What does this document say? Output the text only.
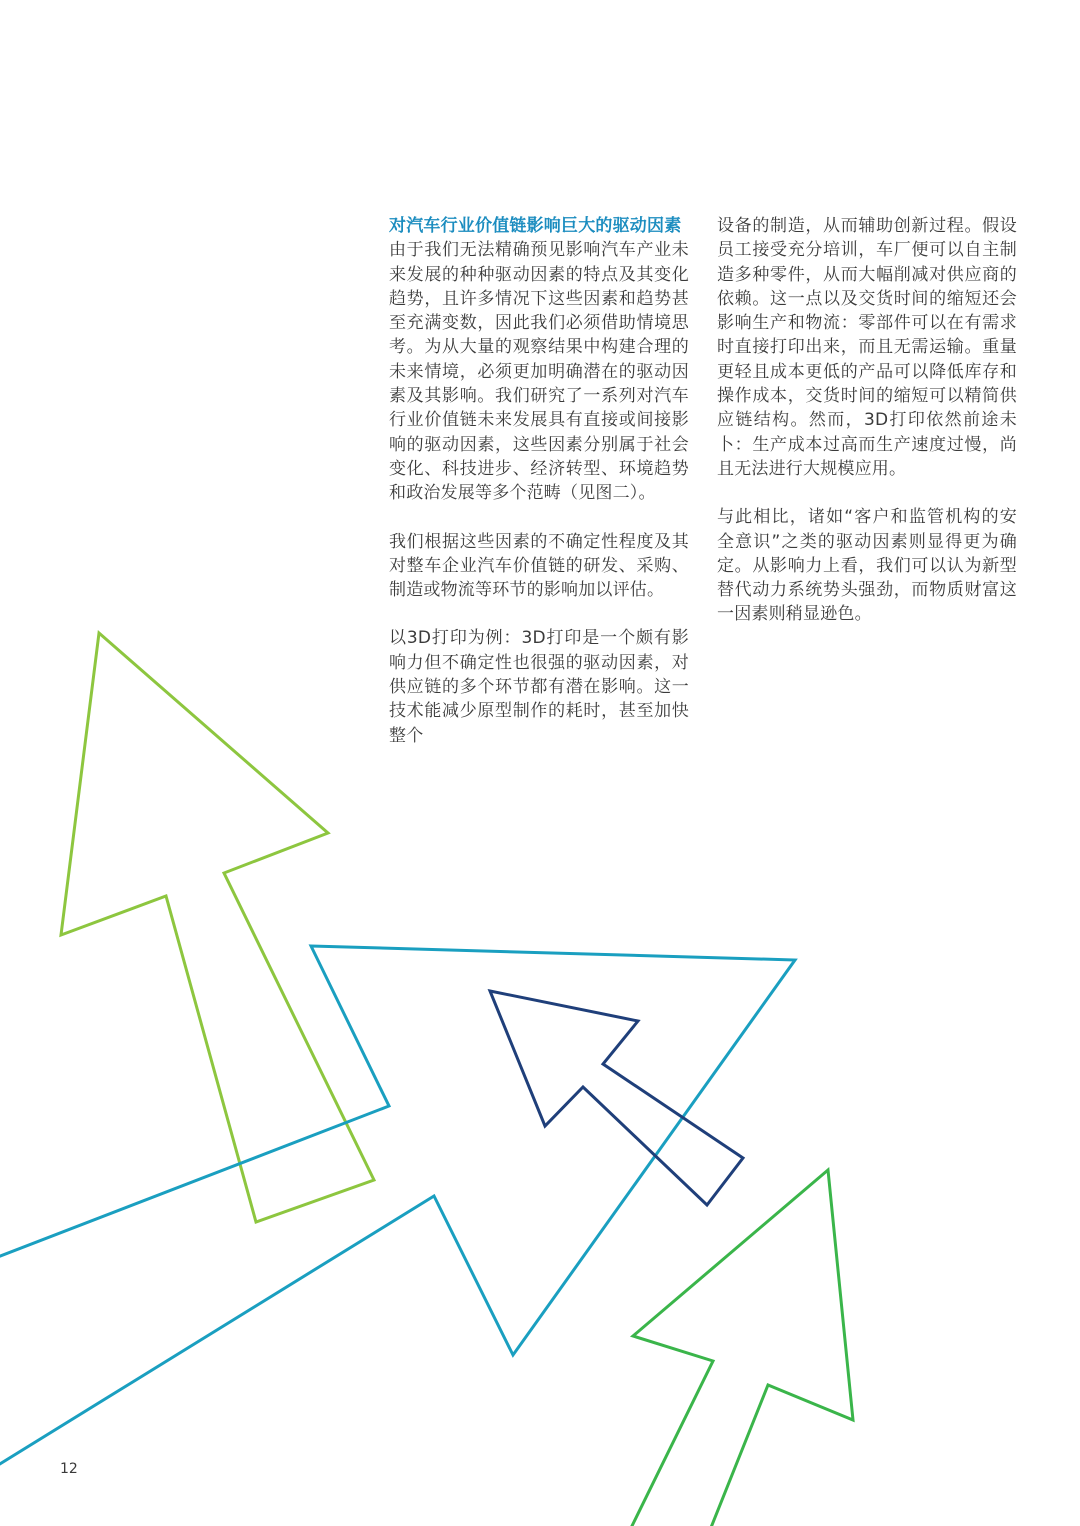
对汽车行业价值链影响巨大的驱动因素

由于我们无法精确预见影响汽车产业未来发展的种种驱动因素的特点及其变化趋势，且许多情况下这些因素和趋势甚至充满变数，因此我们必须借助情境思考。为从大量的观察结果中构建合理的未来情境，必须更加明确潜在的驱动因素及其影响。我们研究了一系列对汽车行业价值链未来发展具有直接或间接影响的驱动因素，这些因素分别属于社会变化、科技进步、经济转型、环境趋势和政治发展等多个范畴（见图二）。

我们根据这些因素的不确定性程度及其对整车企业汽车价值链的研发、采购、制造或物流等环节的影响加以评估。

以3D打印为例：3D打印是一个颇有影响力但不确定性也很强的驱动因素，对供应链的多个环节都有潜在影响。这一技术能减少原型制作的耗时，甚至加快整个

设备的制造，从而辅助创新过程。假设员工接受充分培训，车厂便可以自主制造多种零件，从而大幅削减对供应商的依赖。这一点以及交货时间的缩短还会影响生产和物流：零部件可以在有需求时直接打印出来，而且无需运输。重量更轻且成本更低的产品可以降低库存和操作成本，交货时间的缩短可以精简供应链结构。然而，3D打印依然前途未卜：生产成本过高而生产速度过慢，尚且无法进行大规模应用。

与此相比，诸如“客户和监管机构的安全意识”之类的驱动因素则显得更为确定。从影响力上看，我们可以认为新型替代动力系统势头强劲，而物质财富这一因素则稍显逊色。

12
